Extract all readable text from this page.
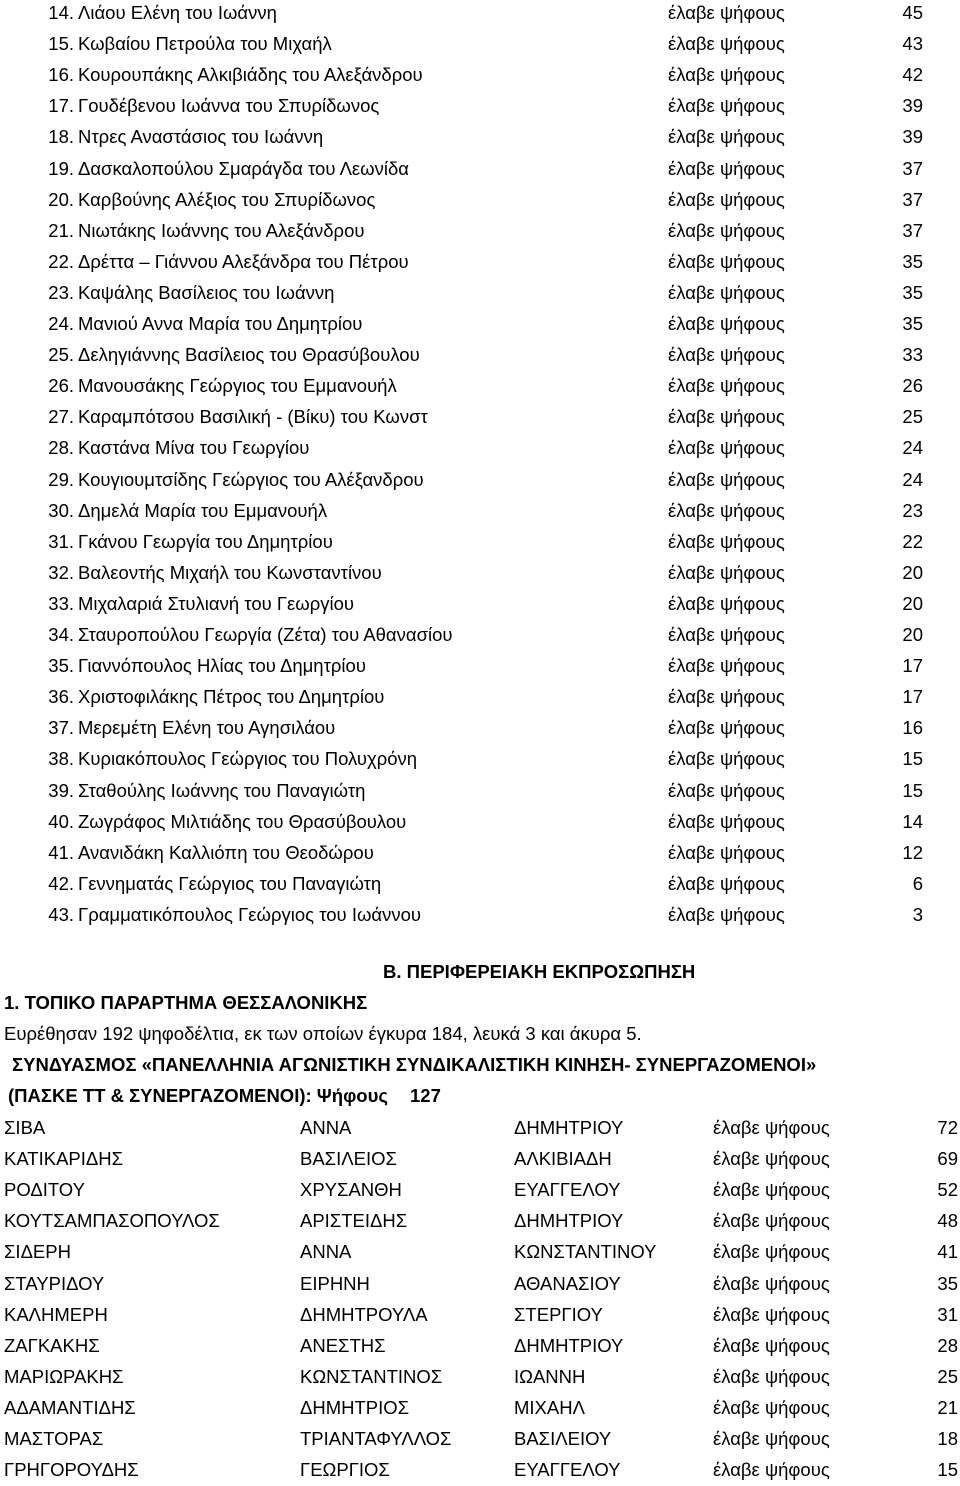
14. Λιάου Ελένη του Ιωάννη	έλαβε ψήφους	45
15. Κωβαίου Πετρούλα του Μιχαήλ	έλαβε ψήφους	43
16. Κουρουπάκης Αλκιβιάδης του Αλεξάνδρου	έλαβε ψήφους	42
17. Γουδέβενου Ιωάννα του Σπυρίδωνος	έλαβε ψήφους	39
18. Ντρες Αναστάσιος του Ιωάννη	έλαβε ψήφους	39
19. Δασκαλοπούλου Σμαράγδα του Λεωνίδα	έλαβε ψήφους	37
20. Καρβούνης Αλέξιος του Σπυρίδωνος	έλαβε ψήφους	37
21. Νιωτάκης Ιωάννης του Αλεξάνδρου	έλαβε ψήφους	37
22. Δρέττα – Γιάννου Αλεξάνδρα του Πέτρου	έλαβε ψήφους	35
23. Καψάλης Βασίλειος του Ιωάννη	έλαβε ψήφους	35
24. Μανιού Αννα Μαρία του Δημητρίου	έλαβε ψήφους	35
25. Δεληγιάννης Βασίλειος του Θρασύβουλου	έλαβε ψήφους	33
26. Μανουσάκης Γεώργιος του Εμμανουήλ	έλαβε ψήφους	26
27. Καραμπότσου Βασιλική - (Βίκυ) του Κωνστ	έλαβε ψήφους	25
28. Καστάνα Μίνα του Γεωργίου	έλαβε ψήφους	24
29. Κουγιουμτσίδης Γεώργιος του Αλέξανδρου	έλαβε ψήφους	24
30. Δημελά Μαρία του Εμμανουήλ	έλαβε ψήφους	23
31. Γκάνου Γεωργία του Δημητρίου	έλαβε ψήφους	22
32. Βαλεοντής Μιχαήλ του Κωνσταντίνου	έλαβε ψήφους	20
33. Μιχαλαριά Στυλιανή του Γεωργίου	έλαβε ψήφους	20
34. Σταυροπούλου Γεωργία (Ζέτα) του Αθανασίου	έλαβε ψήφους	20
35. Γιαννόπουλος Ηλίας του Δημητρίου	έλαβε ψήφους	17
36. Χριστοφιλάκης Πέτρος του Δημητρίου	έλαβε ψήφους	17
37. Μερεμέτη Ελένη του Αγησιλάου	έλαβε ψήφους	16
38. Κυριακόπουλος Γεώργιος του Πολυχρόνη	έλαβε ψήφους	15
39. Σταθούλης Ιωάννης του Παναγιώτη	έλαβε ψήφους	15
40. Ζωγράφος Μιλτιάδης του Θρασύβουλου	έλαβε ψήφους	14
41. Ανανιδάκη Καλλιόπη του Θεοδώρου	έλαβε ψήφους	12
42. Γεννηματάς Γεώργιος του Παναγιώτη	έλαβε ψήφους	6
43. Γραμματικόπουλος Γεώργιος του Ιωάννου	έλαβε ψήφους	3
Β. ΠΕΡΙΦΕΡΕΙΑΚΗ ΕΚΠΡΟΣΩΠΗΣΗ
1. ΤΟΠΙΚΟ ΠΑΡΑΡΤΗΜΑ ΘΕΣΣΑΛΟΝΙΚΗΣ
Ευρέθησαν 192 ψηφοδέλτια, εκ των οποίων έγκυρα 184, λευκά 3 και άκυρα 5.
ΣΥΝΔΥΑΣΜΟΣ «ΠΑΝΕΛΛΗΝΙΑ ΑΓΩΝΙΣΤΙΚΗ ΣΥΝΔΙΚΑΛΙΣΤΙΚΗ ΚΙΝΗΣΗ- ΣΥΝΕΡΓΑΖΟΜΕΝΟΙ»
(ΠΑΣΚΕ ΤΤ & ΣΥΝΕΡΓΑΖΟΜΕΝΟΙ): Ψήφους 127
ΣΙΒΑ	ΑΝΝΑ	ΔΗΜΗΤΡΙΟΥ	έλαβε ψήφους	72
ΚΑΤΙΚΑΡΙΔΗΣ	ΒΑΣΙΛΕΙΟΣ	ΑΛΚΙΒΙΑΔΗ	έλαβε ψήφους	69
ΡΟΔΙΤΟΥ	ΧΡΥΣΑΝΘΗ	ΕΥΑΓΓΕΛΟΥ	έλαβε ψήφους	52
ΚΟΥΤΣΑΜΠΑΣΟΠΟΥΛΟΣ	ΑΡΙΣΤΕΙΔΗΣ	ΔΗΜΗΤΡΙΟΥ	έλαβε ψήφους	48
ΣΙΔΕΡΗ	ΑΝΝΑ	ΚΩΝΣΤΑΝΤΙΝΟΥ	έλαβε ψήφους	41
ΣΤΑΥΡΙΔΟΥ	ΕΙΡΗΝΗ	ΑΘΑΝΑΣΙΟΥ	έλαβε ψήφους	35
ΚΑΛΗΜΕΡΗ	ΔΗΜΗΤΡΟΥΛΑ	ΣΤΕΡΓΙΟΥ	έλαβε ψήφους	31
ΖΑΓΚΑΚΗΣ	ΑΝΕΣΤΗΣ	ΔΗΜΗΤΡΙΟΥ	έλαβε ψήφους	28
ΜΑΡΙΩΡΑΚΗΣ	ΚΩΝΣΤΑΝΤΙΝΟΣ	ΙΩΑΝΝΗ	έλαβε ψήφους	25
ΑΔΑΜΑΝΤΙΔΗΣ	ΔΗΜΗΤΡΙΟΣ	ΜΙΧΑΗΛ	έλαβε ψήφους	21
ΜΑΣΤΟΡΑΣ	ΤΡΙΑΝΤΑΦΥΛΛΟΣ	ΒΑΣΙΛΕΙΟΥ	έλαβε ψήφους	18
ΓΡΗΓΟΡΟΥΔΗΣ	ΓΕΩΡΓΙΟΣ	ΕΥΑΓΓΕΛΟΥ	έλαβε ψήφους	15
